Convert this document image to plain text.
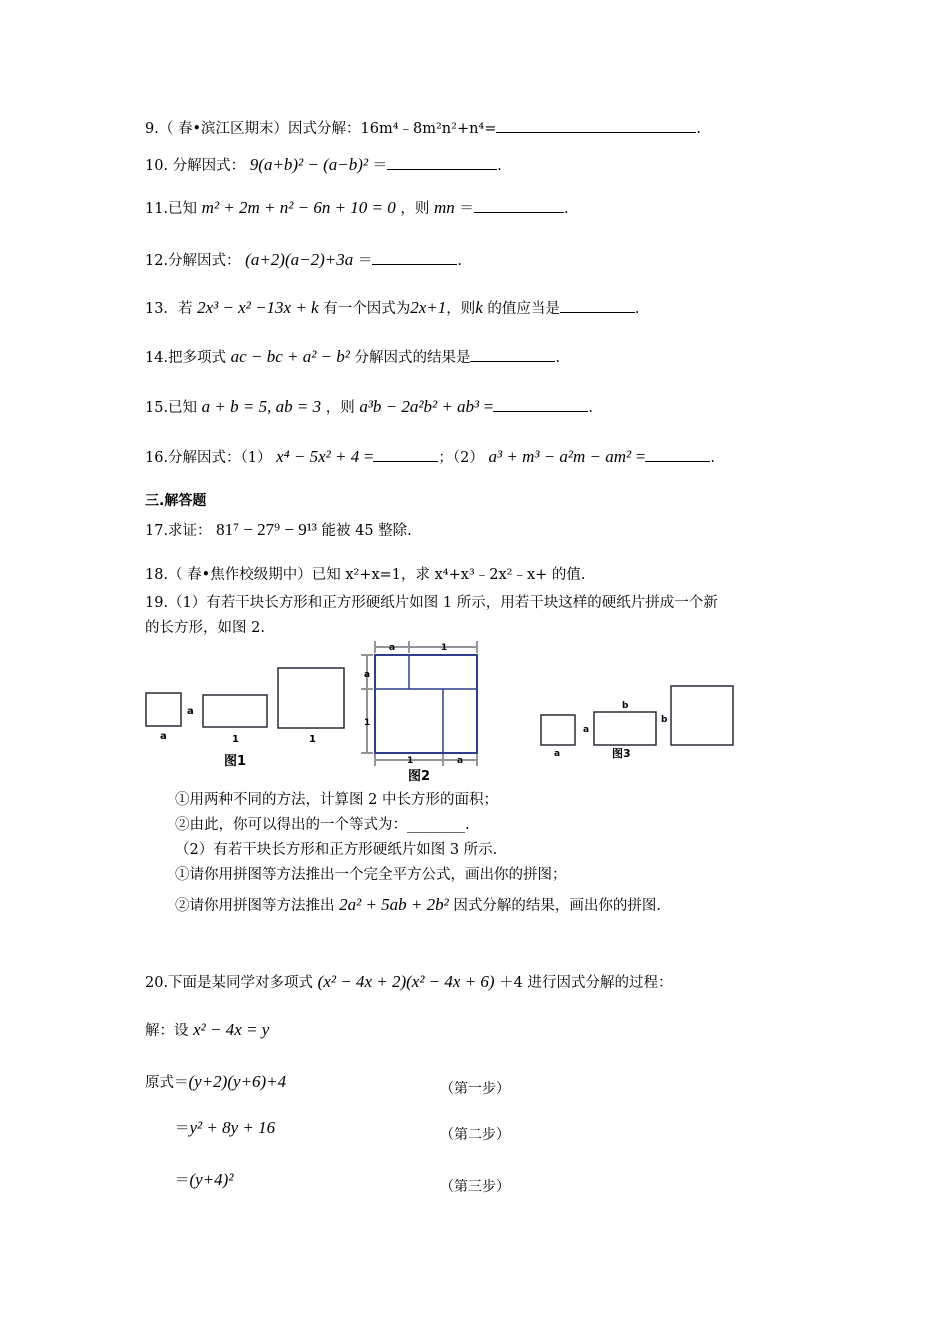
9.（ 春•滨江区期末）因式分解：16m⁴﹣8m²n²+n⁴=	.
10. 分解因式： 9(a+b)² − (a−b)² ＝	.
11.已知 m² + 2m + n² − 6n + 10 = 0 ，则 mn ＝	.
12.分解因式： (a+2)(a−2)+3a ＝	.
13．若 2x³ − x² −13x + k 有一个因式为2x+1，则k 的值应当是	.
14.把多项式 ac − bc + a² − b² 分解因式的结果是	.
15.已知 a + b = 5, ab = 3 ，则 a³b − 2a²b² + ab³ =	.
16.分解因式：（1） x⁴ − 5x² + 4 =	；（2） a³ + m³ − a²m − am² =	.
三.解答题
17.求证： 81⁷ − 27⁹ − 9¹³ 能被 45 整除.
18.（ 春•焦作校级期中）已知 x²+x=1，求 x⁴+x³﹣2x²﹣x+ 的值.
19.（1）有若干块长方形和正方形硬纸片如图 1 所示，用若干块这样的硬纸片拼成一个新
的长方形，如图 2.
a
a
1	1
图1
a	1
a
1
1	a
图2
a
a
b
b
图3
①用两种不同的方法，计算图 2 中长方形的面积；
②由此，你可以得出的一个等式为：________.
（2）有若干块长方形和正方形硬纸片如图 3 所示.
①请你用拼图等方法推出一个完全平方公式，画出你的拼图；
②请你用拼图等方法推出 2a² + 5ab + 2b² 因式分解的结果，画出你的拼图.
20.下面是某同学对多项式 (x² − 4x + 2)(x² − 4x + 6) ＋4 进行因式分解的过程：
解：设 x² − 4x = y
原式＝(y+2)(y+6)+4	（第一步）
＝y² + 8y + 16	（第二步）
＝(y+4)²	（第三步）
